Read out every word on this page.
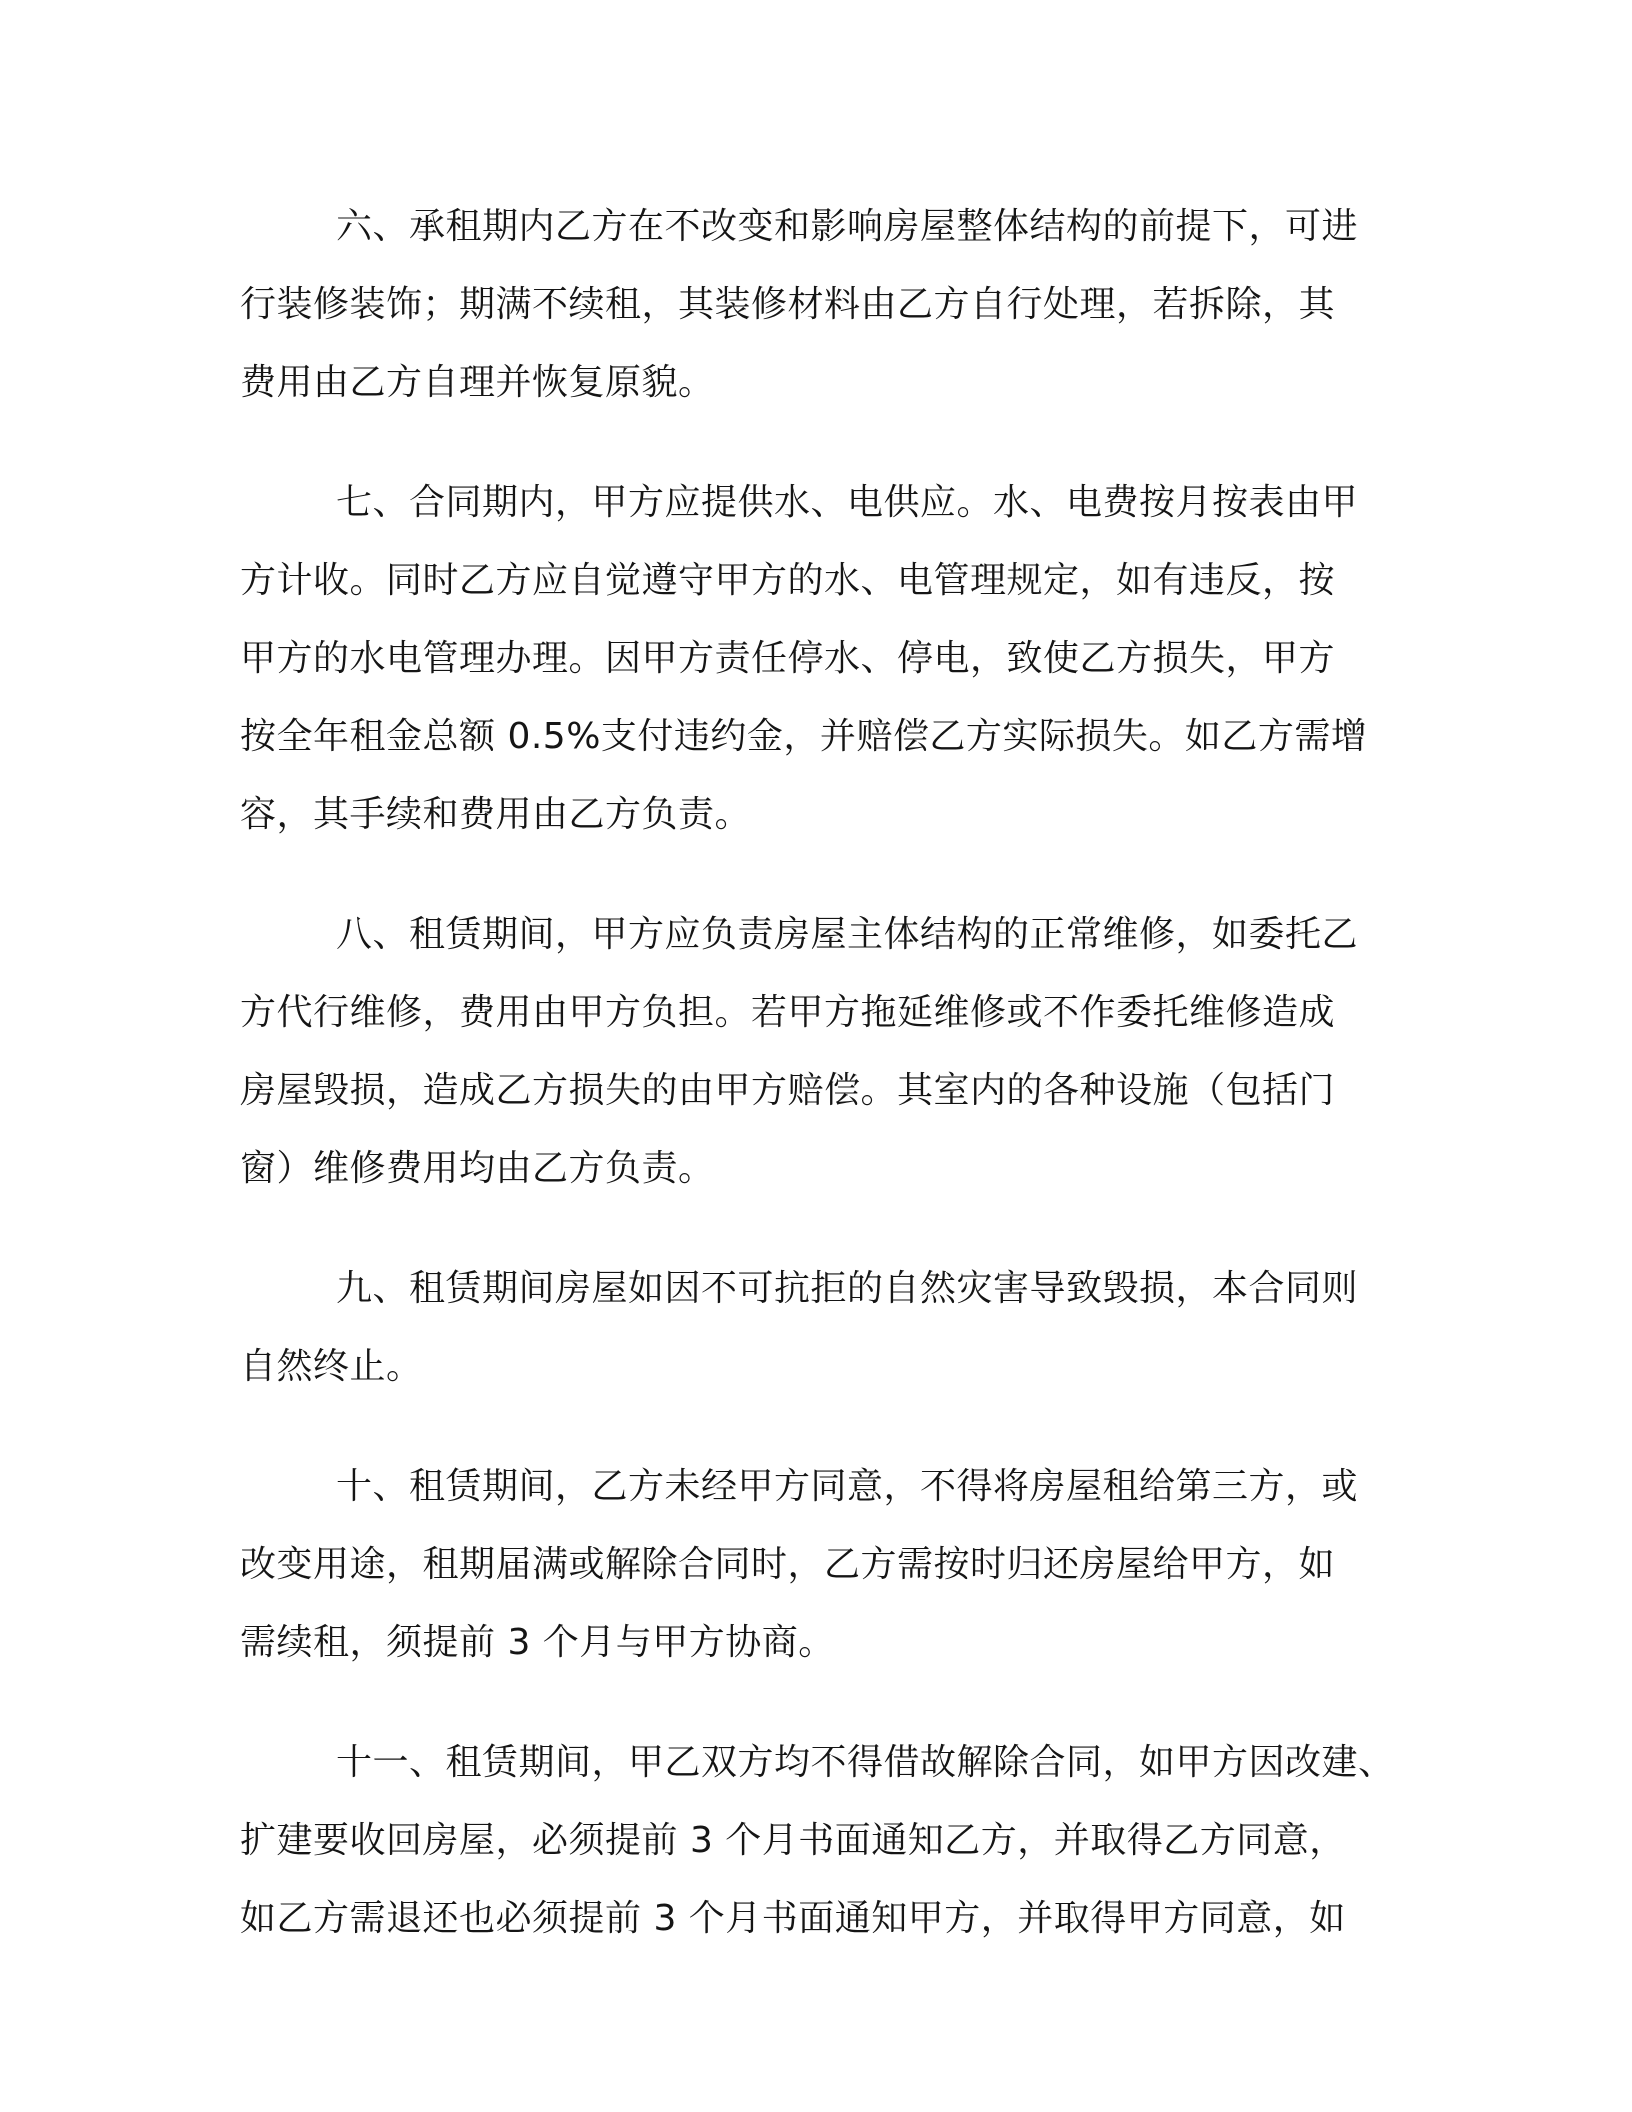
六、承租期内乙方在不改变和影响房屋整体结构的前提下，可进
行装修装饰；期满不续租，其装修材料由乙方自行处理，若拆除，其
费用由乙方自理并恢复原貌。

七、合同期内，甲方应提供水、电供应。水、电费按月按表由甲
方计收。同时乙方应自觉遵守甲方的水、电管理规定，如有违反，按
甲方的水电管理办理。因甲方责任停水、停电，致使乙方损失，甲方
按全年租金总额 0.5%支付违约金，并赔偿乙方实际损失。如乙方需增
容，其手续和费用由乙方负责。

八、租赁期间，甲方应负责房屋主体结构的正常维修，如委托乙
方代行维修，费用由甲方负担。若甲方拖延维修或不作委托维修造成
房屋毁损，造成乙方损失的由甲方赔偿。其室内的各种设施（包括门
窗）维修费用均由乙方负责。

九、租赁期间房屋如因不可抗拒的自然灾害导致毁损，本合同则
自然终止。

十、租赁期间，乙方未经甲方同意，不得将房屋租给第三方，或
改变用途，租期届满或解除合同时，乙方需按时归还房屋给甲方，如
需续租，须提前 3 个月与甲方协商。

十一、租赁期间，甲乙双方均不得借故解除合同，如甲方因改建、
扩建要收回房屋，必须提前 3 个月书面通知乙方，并取得乙方同意，
如乙方需退还也必须提前 3 个月书面通知甲方，并取得甲方同意，如
